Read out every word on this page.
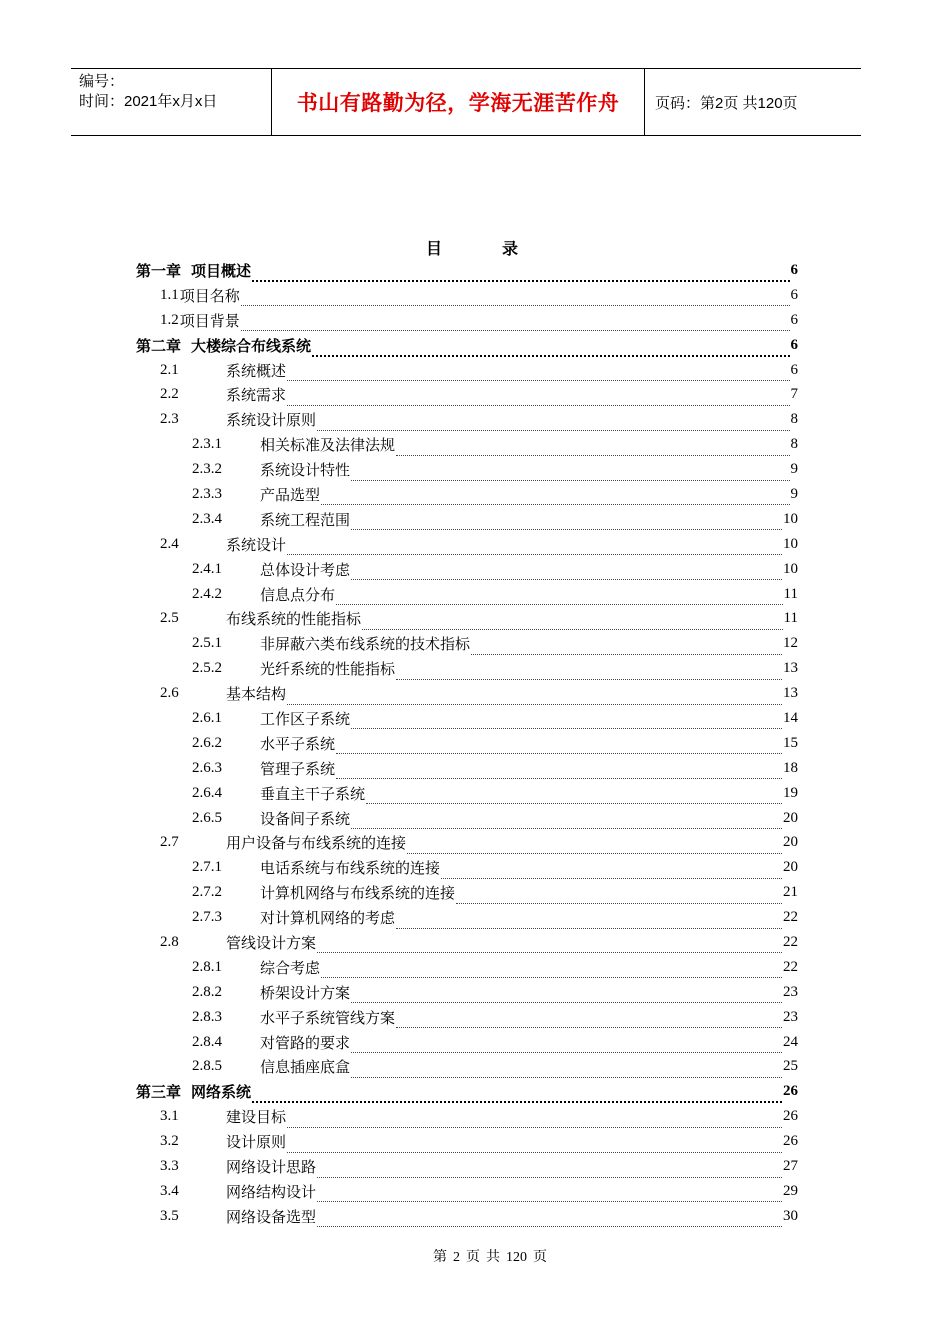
编号：
时间：2021年x月x日	书山有路勤为径，学海无涯苦作舟	页码：第2页 共120页
目 录
第一章 项目概述	6
1.1 项目名称	6
1.2 项目背景	6
第二章 大楼综合布线系统	6
2.1	系统概述	6
2.2	系统需求	7
2.3	系统设计原则	8
2.3.1	相关标准及法律法规	8
2.3.2	系统设计特性	9
2.3.3	产品选型	9
2.3.4	系统工程范围	10
2.4	系统设计	10
2.4.1	总体设计考虑	10
2.4.2	信息点分布	11
2.5	布线系统的性能指标	11
2.5.1	非屏蔽六类布线系统的技术指标	12
2.5.2	光纤系统的性能指标	13
2.6	基本结构	13
2.6.1	工作区子系统	14
2.6.2	水平子系统	15
2.6.3	管理子系统	18
2.6.4	垂直主干子系统	19
2.6.5	设备间子系统	20
2.7	用户设备与布线系统的连接	20
2.7.1	电话系统与布线系统的连接	20
2.7.2	计算机网络与布线系统的连接	21
2.7.3	对计算机网络的考虑	22
2.8	管线设计方案	22
2.8.1	综合考虑	22
2.8.2	桥架设计方案	23
2.8.3	水平子系统管线方案	23
2.8.4	对管路的要求	24
2.8.5	信息插座底盒	25
第三章 网络系统	26
3.1	建设目标	26
3.2	设计原则	26
3.3	网络设计思路	27
3.4	网络结构设计	29
3.5	网络设备选型	30
第 2 页 共 120 页
